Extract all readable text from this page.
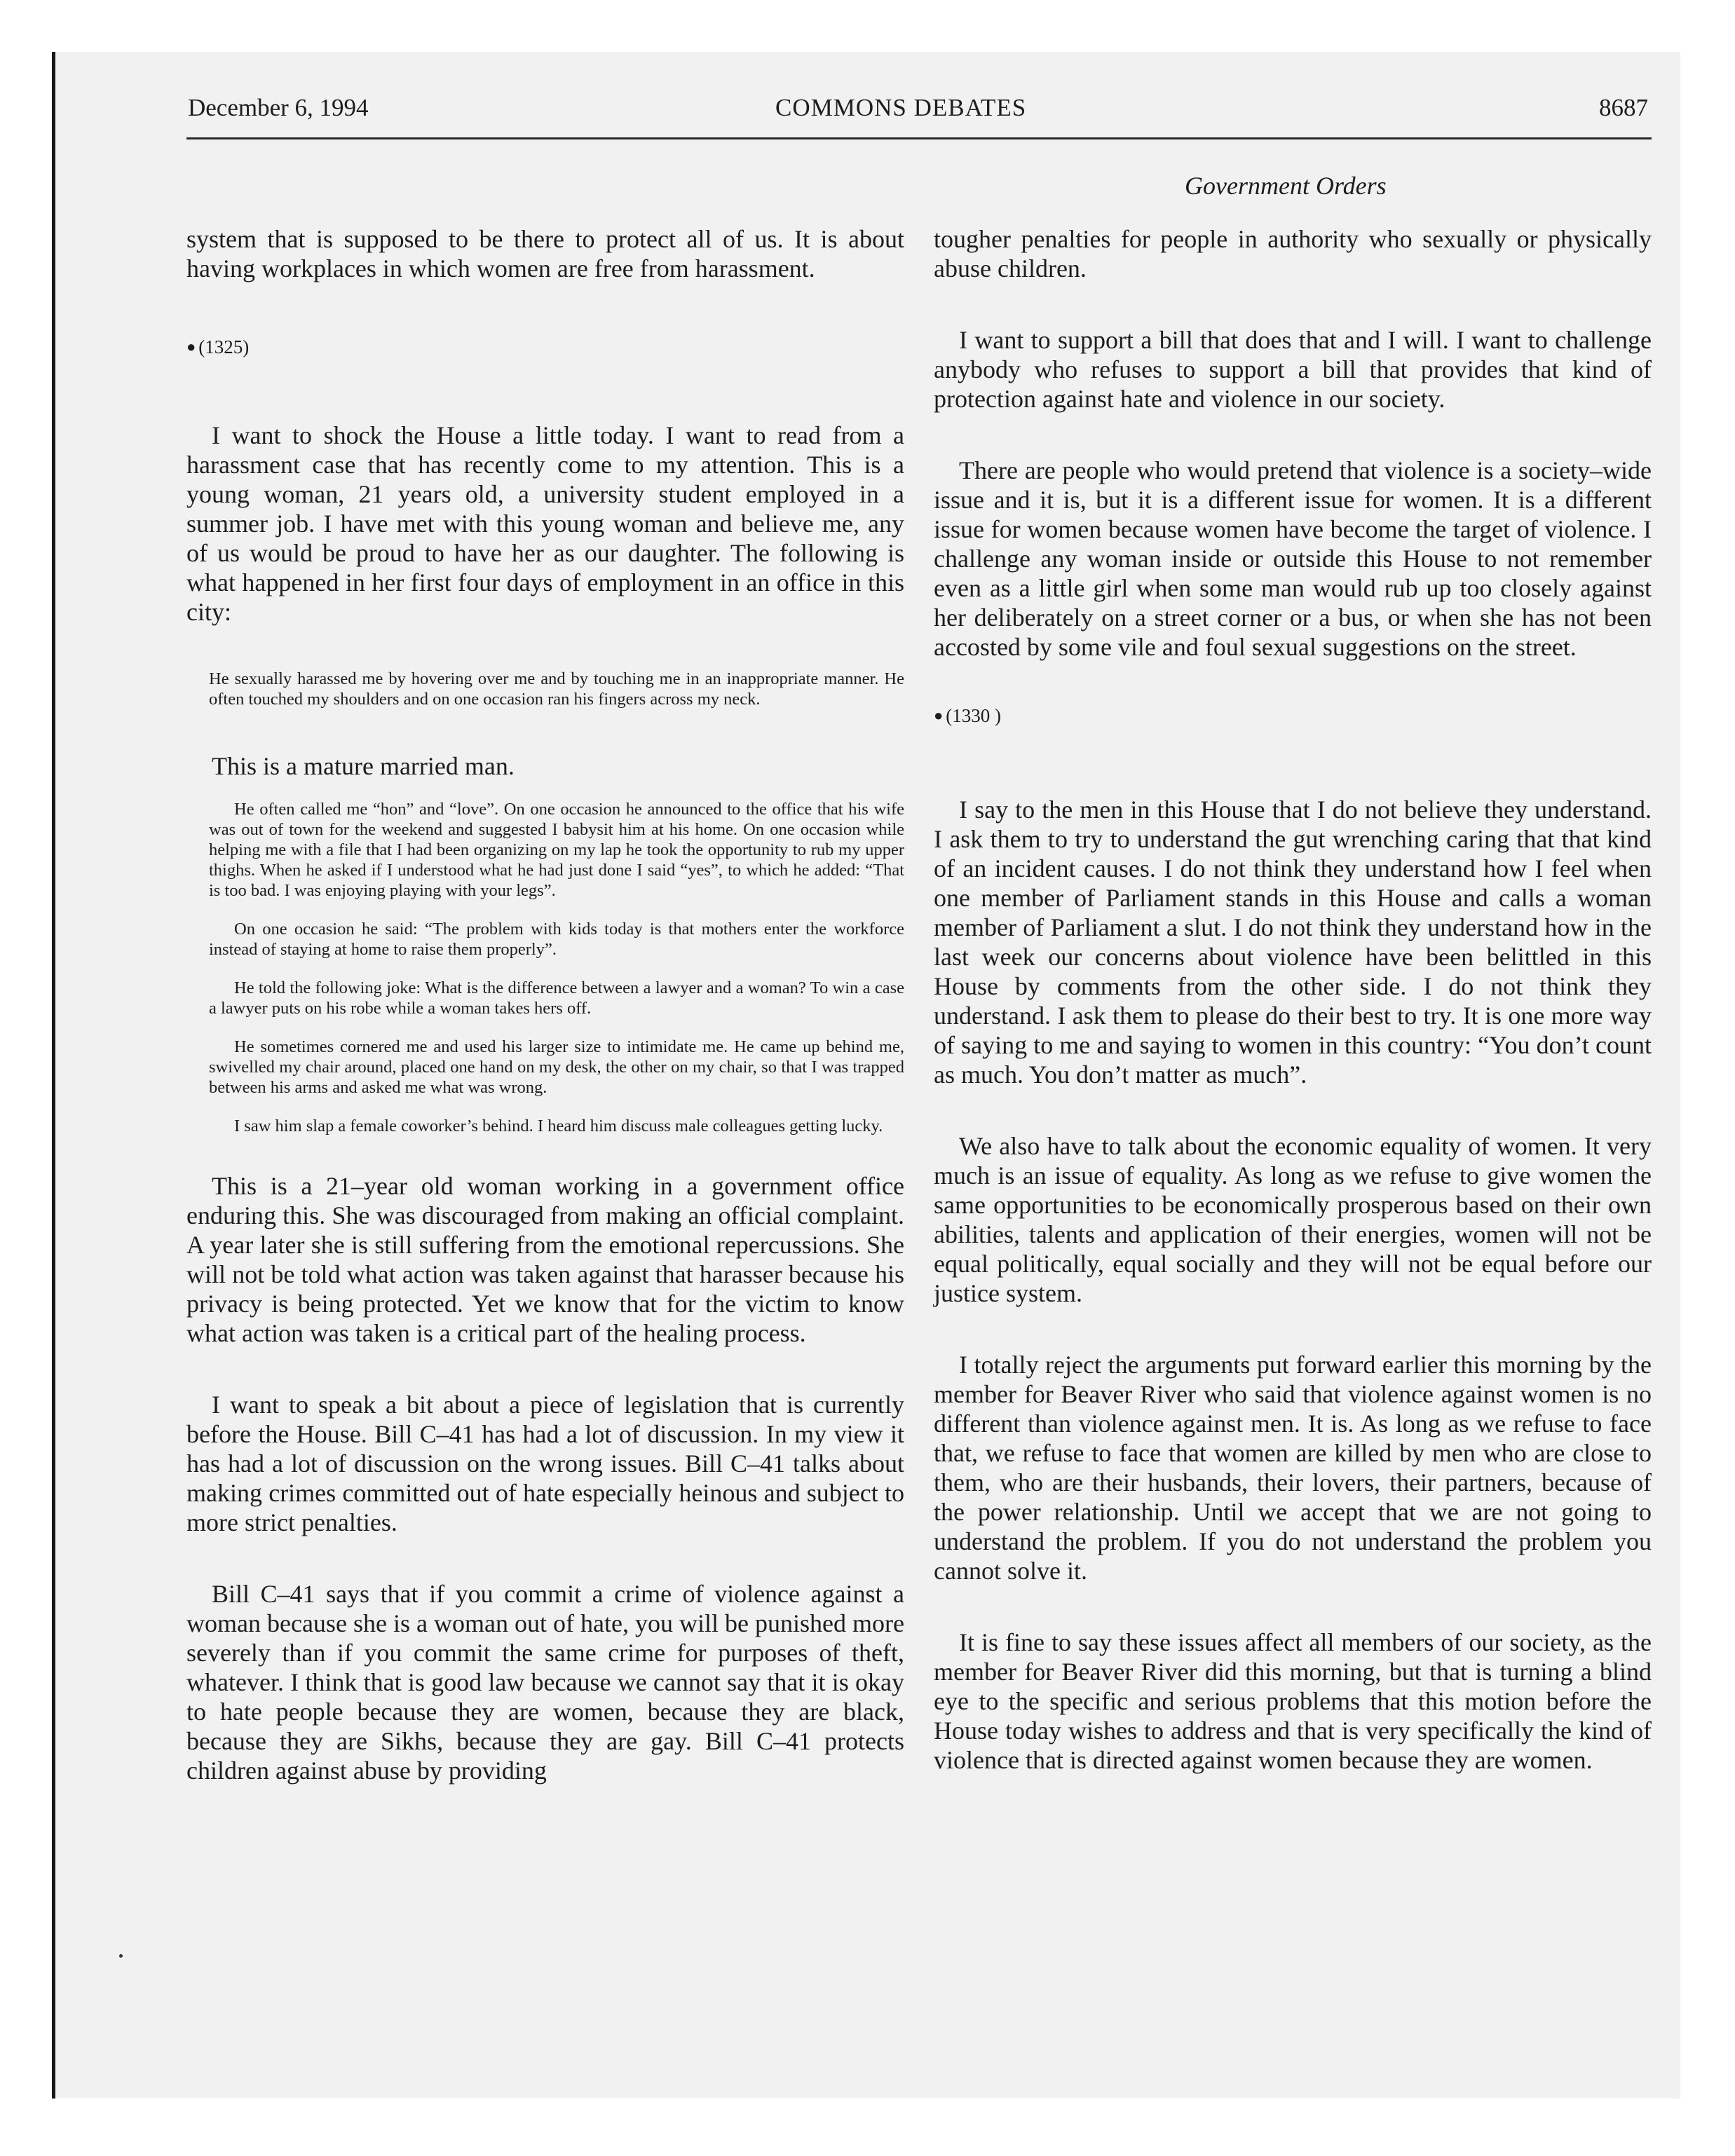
December 6, 1994	COMMONS DEBATES	8687
Government Orders

system that is supposed to be there to protect all of us. It is about having workplaces in which women are free from harassment.

● (1325)

I want to shock the House a little today. I want to read from a harassment case that has recently come to my attention. This is a young woman, 21 years old, a university student employed in a summer job. I have met with this young woman and believe me, any of us would be proud to have her as our daughter. The following is what happened in her first four days of employment in an office in this city:

He sexually harassed me by hovering over me and by touching me in an inappropriate manner. He often touched my shoulders and on one occasion ran his fingers across my neck.

This is a mature married man.

He often called me “hon” and “love”. On one occasion he announced to the office that his wife was out of town for the weekend and suggested I babysit him at his home. On one occasion while helping me with a file that I had been organizing on my lap he took the opportunity to rub my upper thighs. When he asked if I understood what he had just done I said “yes”, to which he added: “That is too bad. I was enjoying playing with your legs”.

On one occasion he said: “The problem with kids today is that mothers enter the workforce instead of staying at home to raise them properly”.

He told the following joke: What is the difference between a lawyer and a woman? To win a case a lawyer puts on his robe while a woman takes hers off.

He sometimes cornered me and used his larger size to intimidate me. He came up behind me, swivelled my chair around, placed one hand on my desk, the other on my chair, so that I was trapped between his arms and asked me what was wrong.

I saw him slap a female coworker’s behind. I heard him discuss male colleagues getting lucky.

This is a 21–year old woman working in a government office enduring this. She was discouraged from making an official complaint. A year later she is still suffering from the emotional repercussions. She will not be told what action was taken against that harasser because his privacy is being protected. Yet we know that for the victim to know what action was taken is a critical part of the healing process.

I want to speak a bit about a piece of legislation that is currently before the House. Bill C–41 has had a lot of discussion. In my view it has had a lot of discussion on the wrong issues. Bill C–41 talks about making crimes committed out of hate especially heinous and subject to more strict penalties.

Bill C–41 says that if you commit a crime of violence against a woman because she is a woman out of hate, you will be punished more severely than if you commit the same crime for purposes of theft, whatever. I think that is good law because we cannot say that it is okay to hate people because they are women, because they are black, because they are Sikhs, because they are gay. Bill C–41 protects children against abuse by providing

tougher penalties for people in authority who sexually or physically abuse children.

I want to support a bill that does that and I will. I want to challenge anybody who refuses to support a bill that provides that kind of protection against hate and violence in our society.

There are people who would pretend that violence is a society–wide issue and it is, but it is a different issue for women. It is a different issue for women because women have become the target of violence. I challenge any woman inside or outside this House to not remember even as a little girl when some man would rub up too closely against her deliberately on a street corner or a bus, or when she has not been accosted by some vile and foul sexual suggestions on the street.

● (1330 )

I say to the men in this House that I do not believe they understand. I ask them to try to understand the gut wrenching caring that that kind of an incident causes. I do not think they understand how I feel when one member of Parliament stands in this House and calls a woman member of Parliament a slut. I do not think they understand how in the last week our concerns about violence have been belittled in this House by comments from the other side. I do not think they understand. I ask them to please do their best to try. It is one more way of saying to me and saying to women in this country: “You don’t count as much. You don’t matter as much”.

We also have to talk about the economic equality of women. It very much is an issue of equality. As long as we refuse to give women the same opportunities to be economically prosperous based on their own abilities, talents and application of their energies, women will not be equal politically, equal socially and they will not be equal before our justice system.

I totally reject the arguments put forward earlier this morning by the member for Beaver River who said that violence against women is no different than violence against men. It is. As long as we refuse to face that, we refuse to face that women are killed by men who are close to them, who are their husbands, their lovers, their partners, because of the power relationship. Until we accept that we are not going to understand the problem. If you do not understand the problem you cannot solve it.

It is fine to say these issues affect all members of our society, as the member for Beaver River did this morning, but that is turning a blind eye to the specific and serious problems that this motion before the House today wishes to address and that is very specifically the kind of violence that is directed against women because they are women.
